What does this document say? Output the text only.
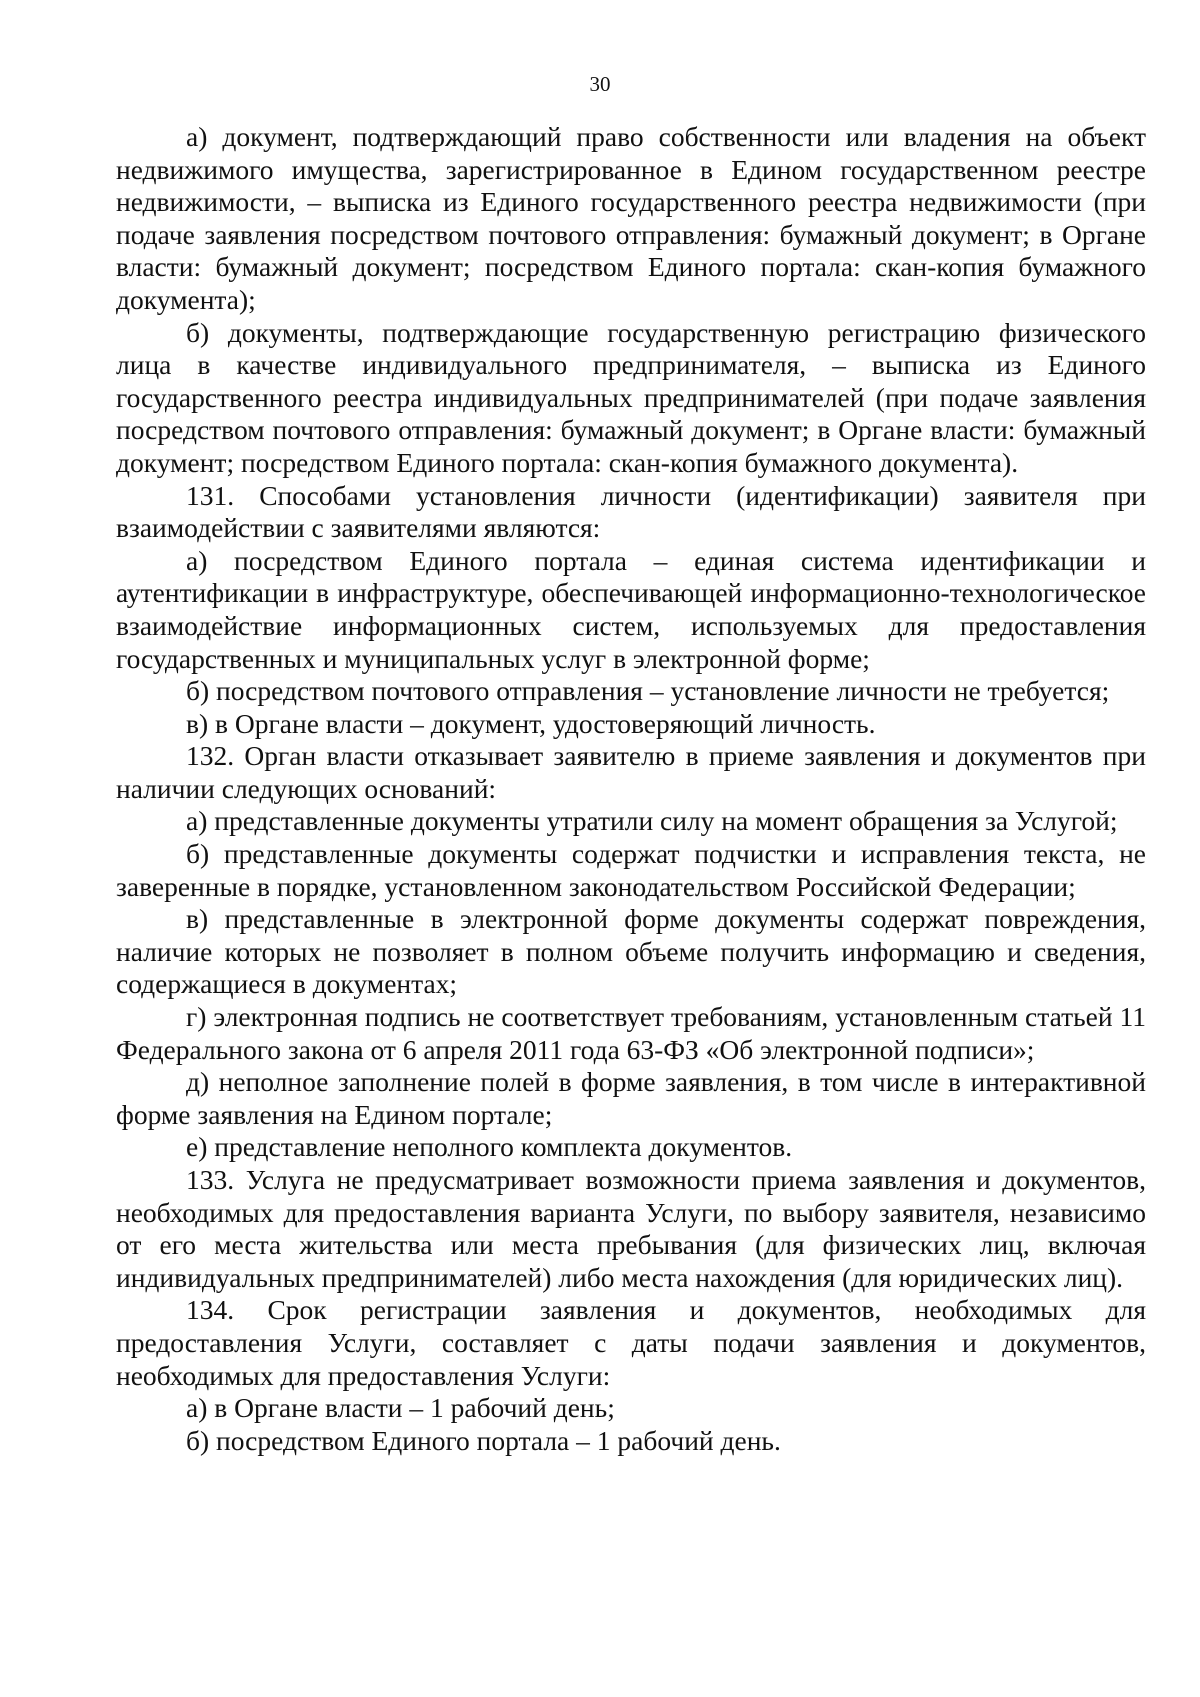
30

а) документ, подтверждающий право собственности или владения на объект недвижимого имущества, зарегистрированное в Едином государственном реестре недвижимости, – выписка из Единого государственного реестра недвижимости (при подаче заявления посредством почтового отправления: бумажный документ; в Органе власти: бумажный документ; посредством Единого портала: скан-копия бумажного документа);

б) документы, подтверждающие государственную регистрацию физического лица в качестве индивидуального предпринимателя, – выписка из Единого государственного реестра индивидуальных предпринимателей (при подаче заявления посредством почтового отправления: бумажный документ; в Органе власти: бумажный документ; посредством Единого портала: скан-копия бумажного документа).

131. Способами установления личности (идентификации) заявителя при взаимодействии с заявителями являются:

а) посредством Единого портала – единая система идентификации и аутентификации в инфраструктуре, обеспечивающей информационно-технологическое взаимодействие информационных систем, используемых для предоставления государственных и муниципальных услуг в электронной форме;

б) посредством почтового отправления – установление личности не требуется;

в) в Органе власти – документ, удостоверяющий личность.

132. Орган власти отказывает заявителю в приеме заявления и документов при наличии следующих оснований:

а) представленные документы утратили силу на момент обращения за Услугой;

б) представленные документы содержат подчистки и исправления текста, не заверенные в порядке, установленном законодательством Российской Федерации;

в) представленные в электронной форме документы содержат повреждения, наличие которых не позволяет в полном объеме получить информацию и сведения, содержащиеся в документах;

г) электронная подпись не соответствует требованиям, установленным статьей 11 Федерального закона от 6 апреля 2011 года 63-ФЗ «Об электронной подписи»;

д) неполное заполнение полей в форме заявления, в том числе в интерактивной форме заявления на Едином портале;

е) представление неполного комплекта документов.

133. Услуга не предусматривает возможности приема заявления и документов, необходимых для предоставления варианта Услуги, по выбору заявителя, независимо от его места жительства или места пребывания (для физических лиц, включая индивидуальных предпринимателей) либо места нахождения (для юридических лиц).

134. Срок регистрации заявления и документов, необходимых для предоставления Услуги, составляет с даты подачи заявления и документов, необходимых для предоставления Услуги:

а) в Органе власти – 1 рабочий день;

б) посредством Единого портала – 1 рабочий день.
